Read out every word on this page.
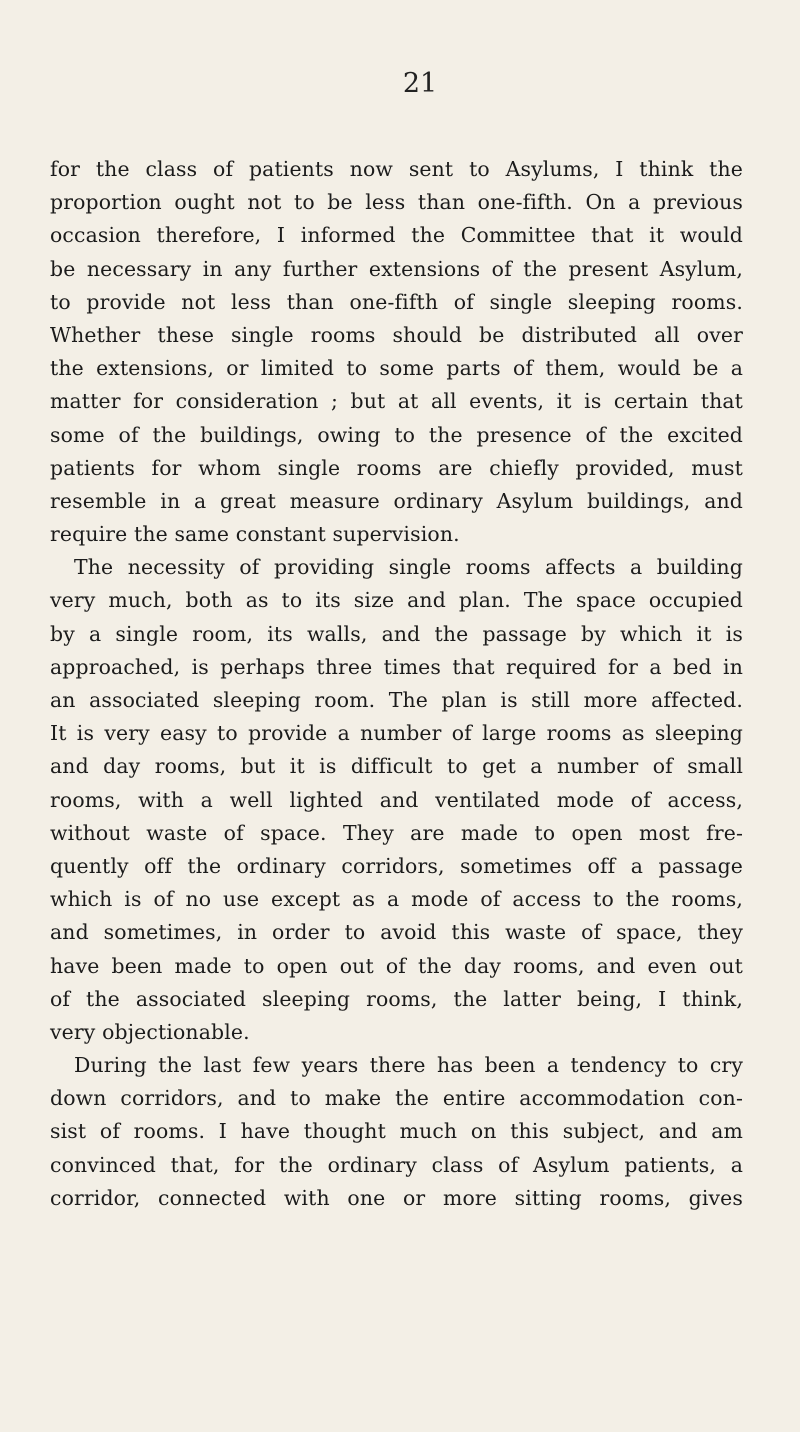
21
for the class of patients now sent to Asylums, I think the
proportion ought not to be less than one-fifth. On a previous
occasion therefore, I informed the Committee that it would
be necessary in any further extensions of the present Asylum,
to provide not less than one-fifth of single sleeping rooms.
Whether these single rooms should be distributed all over
the extensions, or limited to some parts of them, would be a
matter for consideration ; but at all events, it is certain that
some of the buildings, owing to the presence of the excited
patients for whom single rooms are chiefly provided, must
resemble in a great measure ordinary Asylum buildings, and
require the same constant supervision.
The necessity of providing single rooms affects a building
very much, both as to its size and plan. The space occupied
by a single room, its walls, and the passage by which it is
approached, is perhaps three times that required for a bed in
an associated sleeping room. The plan is still more affected.
It is very easy to provide a number of large rooms as sleeping
and day rooms, but it is difficult to get a number of small
rooms, with a well lighted and ventilated mode of access,
without waste of space. They are made to open most fre-
quently off the ordinary corridors, sometimes off a passage
which is of no use except as a mode of access to the rooms,
and sometimes, in order to avoid this waste of space, they
have been made to open out of the day rooms, and even out
of the associated sleeping rooms, the latter being, I think,
very objectionable.
During the last few years there has been a tendency to cry
down corridors, and to make the entire accommodation con-
sist of rooms. I have thought much on this subject, and am
convinced that, for the ordinary class of Asylum patients, a
corridor, connected with one or more sitting rooms, gives
